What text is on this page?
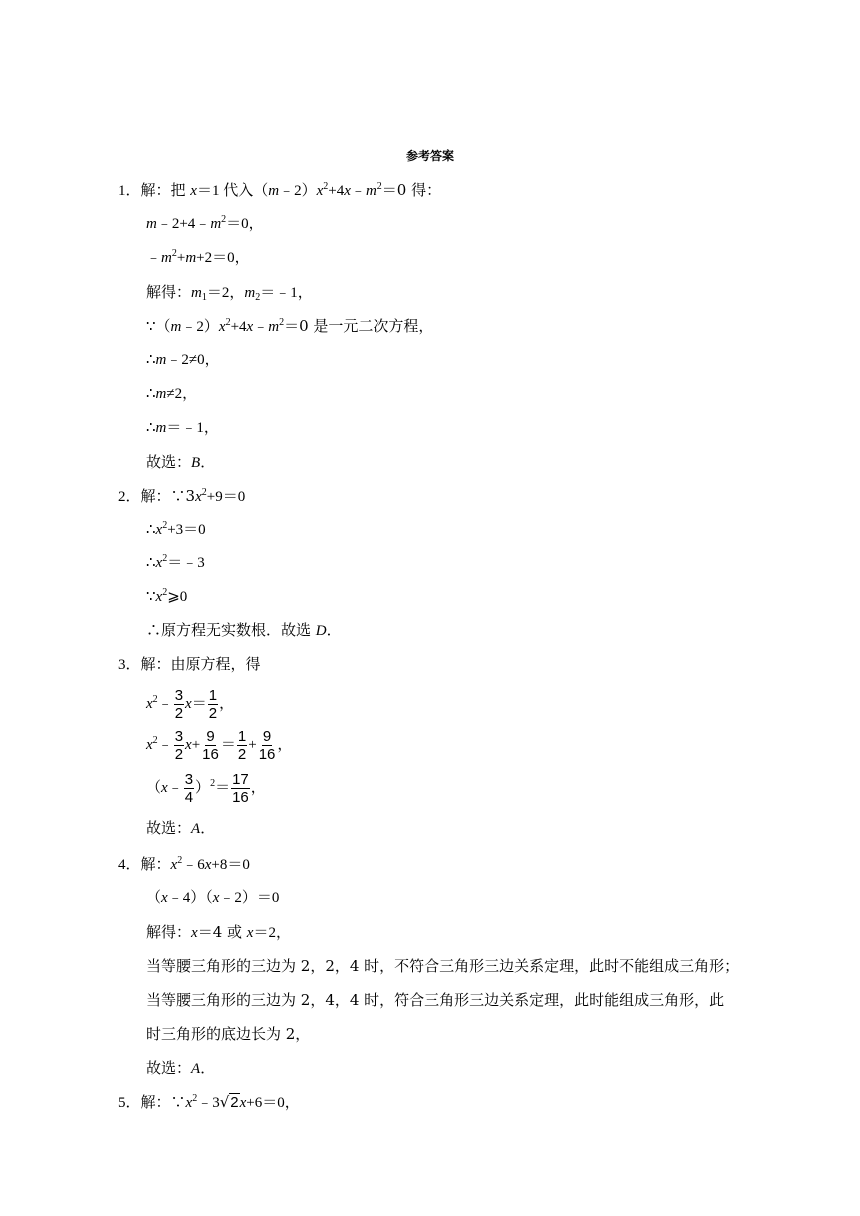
参考答案
1．解：把 x＝1 代入$(m﹣2)x^2+4x﹣m^2=0$ 得：
$m﹣2+4﹣m^2=0$，
$﹣m^2+m+2=0$，
解得：$m_1=2$，$m_2=﹣1$，
$\because(m﹣2)x^2+4x﹣m^2=0$ 是一元二次方程，
∴m﹣2≠0，
∴m≠2，
∴m＝﹣1，
故选：B．
2．解：$\because 3x^2+9=0$
$\therefore x^2+3=0$
$\therefore x^2=﹣3$
$\because x^2⩾0$
∴原方程无实数根．故选 D．
3．解：由原方程，得
$x^2﹣ \frac{3}{2} x= \frac{1}{2}$ ，
$x^2﹣ \frac{3}{2} x+ \frac{9}{16} = \frac{1}{2} + \frac{9}{16}$ ，
（x﹣ $\frac{3}{4} )^2= \frac{17}{16}$ ，
故选：A．
4．解：$x^2﹣6x+8=0$
（x﹣4）（x﹣2）＝0
解得：x＝4 或 x＝2，
当等腰三角形的三边为 2，2，4 时，不符合三角形三边关系定理，此时不能组成三角形；
当等腰三角形的三边为 2，4，4 时，符合三角形三边关系定理，此时能组成三角形，此
时三角形的底边长为 2，
故选：A．
5．解：$\because x^2﹣3√2x+6=0$，
